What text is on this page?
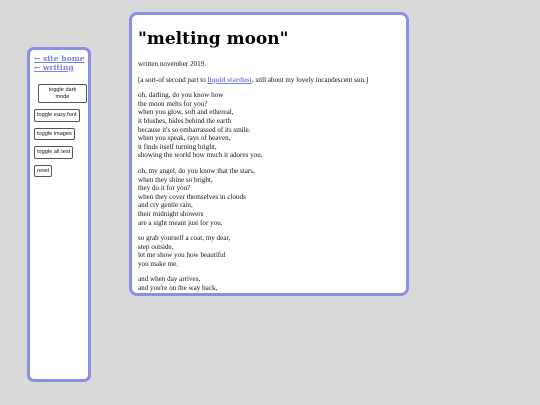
← site home
← writing
toggle dark mode
toggle easy font
toggle images
toggle alt text
reset
"melting moon"

written november 2019.

[a sort-of second part to liquid stardust, still about my lovely incandescent sun.]

oh, darling, do you know how
the moon melts for you?
when you glow, soft and ethereal,
it blushes, hides behind the earth
because it's so embarrassed of its smile.
when you speak, rays of heaven,
it finds itself turning bright,
showing the world how much it adores you.

oh, my angel, do you know that the stars,
when they shine so bright,
they do it for you?
when they cover themselves in clouds
and cry gentle rain,
their midnight showers
are a sight meant just for you.

so grab yourself a coat, my dear,
step outside,
let me show you how beautiful
you make me.

and when day arrives,
and you're on the way back,
